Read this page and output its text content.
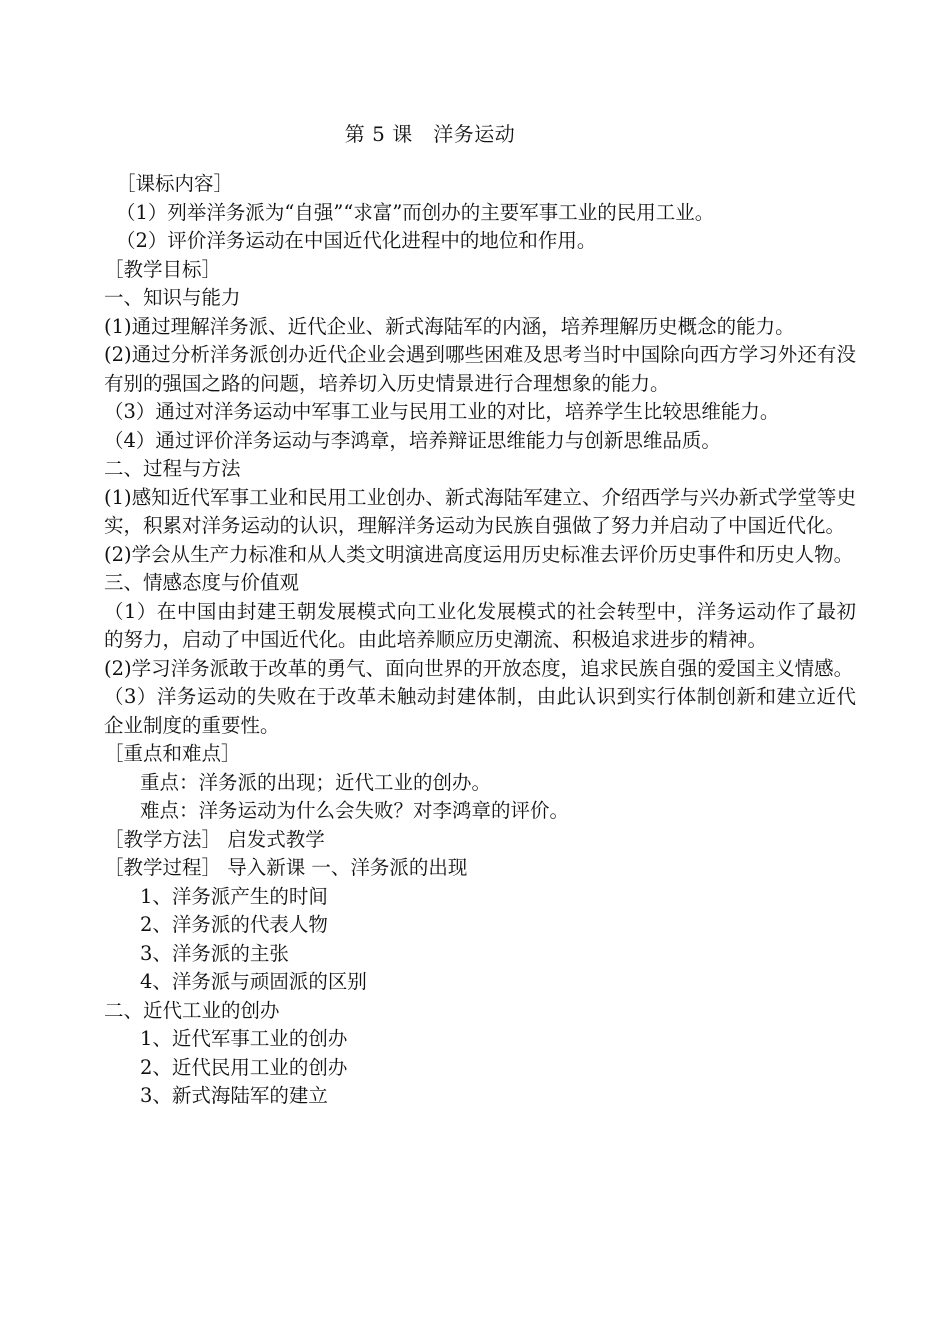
第 5 课　洋务运动
［课标内容］
（1）列举洋务派为“自强”“求富”而创办的主要军事工业的民用工业。
（2）评价洋务运动在中国近代化进程中的地位和作用。
［教学目标］
一、知识与能力
(1)通过理解洋务派、近代企业、新式海陆军的内涵，培养理解历史概念的能力。
(2)通过分析洋务派创办近代企业会遇到哪些困难及思考当时中国除向西方学习外还有没有别的强国之路的问题，培养切入历史情景进行合理想象的能力。
（3）通过对洋务运动中军事工业与民用工业的对比，培养学生比较思维能力。
（4）通过评价洋务运动与李鸿章，培养辩证思维能力与创新思维品质。
二、过程与方法
(1)感知近代军事工业和民用工业创办、新式海陆军建立、介绍西学与兴办新式学堂等史实，积累对洋务运动的认识，理解洋务运动为民族自强做了努力并启动了中国近代化。
(2)学会从生产力标准和从人类文明演进高度运用历史标准去评价历史事件和历史人物。
三、情感态度与价值观
（1）在中国由封建王朝发展模式向工业化发展模式的社会转型中，洋务运动作了最初的努力，启动了中国近代化。由此培养顺应历史潮流、积极追求进步的精神。
(2)学习洋务派敢于改革的勇气、面向世界的开放态度，追求民族自强的爱国主义情感。
（3）洋务运动的失败在于改革未触动封建体制，由此认识到实行体制创新和建立近代企业制度的重要性。
［重点和难点］
重点：洋务派的出现；近代工业的创办。
难点：洋务运动为什么会失败？对李鸿章的评价。
［教学方法］ 启发式教学
［教学过程］ 导入新课 一、洋务派的出现
1、洋务派产生的时间
2、洋务派的代表人物
3、洋务派的主张
4、洋务派与顽固派的区别
二、近代工业的创办
1、近代军事工业的创办
2、近代民用工业的创办
3、新式海陆军的建立
